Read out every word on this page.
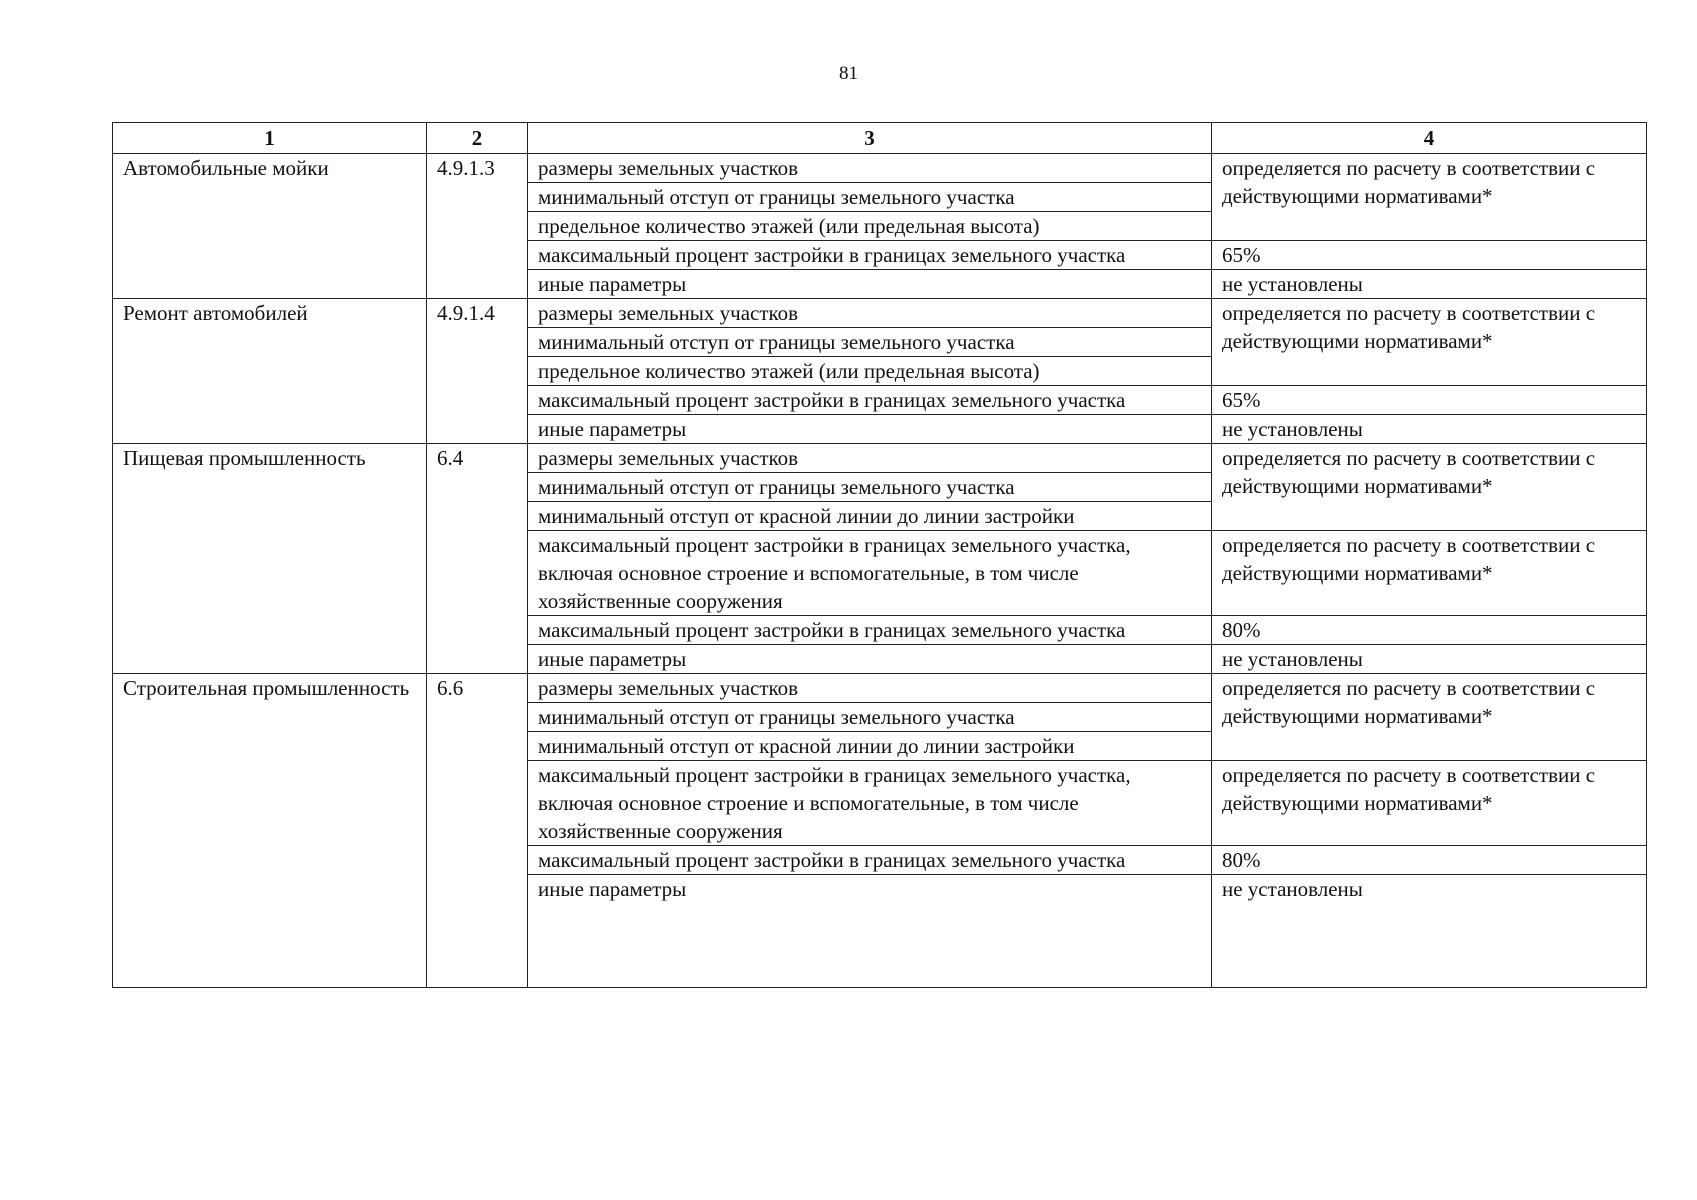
81
1	2	3	4
Автомобильные мойки	4.9.1.3	размеры земельных участков	определяется по расчету в соответствии с действующими нормативами*
		минимальный отступ от границы земельного участка	
		предельное количество этажей (или предельная высота)	
		максимальный процент застройки в границах земельного участка	65%
		иные параметры	не установлены
Ремонт автомобилей	4.9.1.4	размеры земельных участков	определяется по расчету в соответствии с действующими нормативами*
		минимальный отступ от границы земельного участка	
		предельное количество этажей (или предельная высота)	
		максимальный процент застройки в границах земельного участка	65%
		иные параметры	не установлены
Пищевая промышленность	6.4	размеры земельных участков	определяется по расчету в соответствии с действующими нормативами*
		минимальный отступ от границы земельного участка	
		минимальный отступ от красной линии до линии застройки	
		максимальный процент застройки в границах земельного участка, включая основное строение и вспомогательные, в том числе хозяйственные сооружения	определяется по расчету в соответствии с действующими нормативами*
		максимальный процент застройки в границах земельного участка	80%
		иные параметры	не установлены
Строительная промышленность	6.6	размеры земельных участков	определяется по расчету в соответствии с действующими нормативами*
		минимальный отступ от границы земельного участка	
		минимальный отступ от красной линии до линии застройки	
		максимальный процент застройки в границах земельного участка, включая основное строение и вспомогательные, в том числе хозяйственные сооружения	определяется по расчету в соответствии с действующими нормативами*
		максимальный процент застройки в границах земельного участка	80%
		иные параметры	не установлены
